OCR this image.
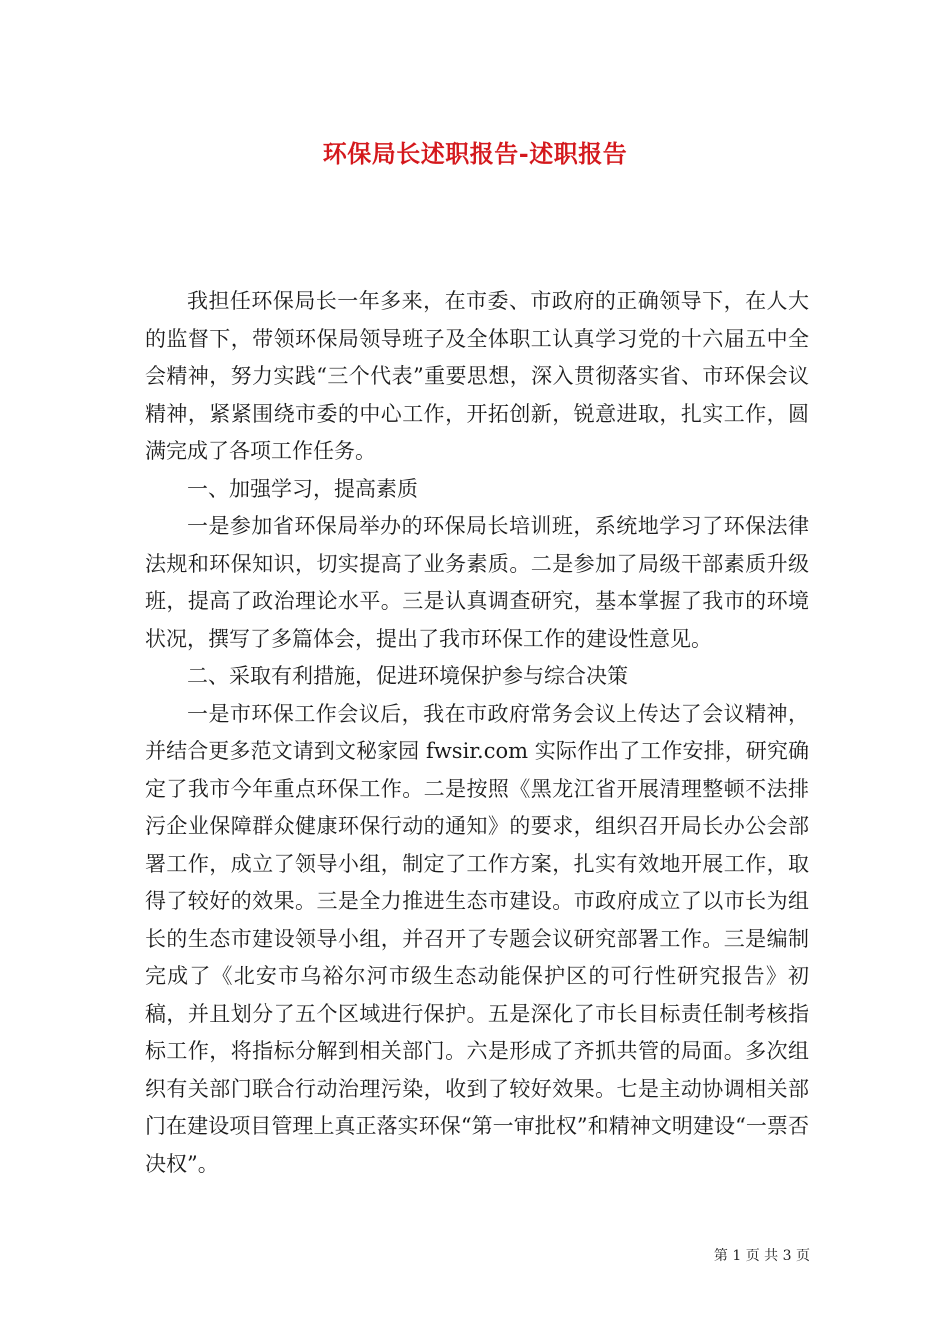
环保局长述职报告-述职报告

我担任环保局长一年多来，在市委、市政府的正确领导下，在人大的监督下，带领环保局领导班子及全体职工认真学习党的十六届五中全会精神，努力实践“三个代表”重要思想，深入贯彻落实省、市环保会议精神，紧紧围绕市委的中心工作，开拓创新，锐意进取，扎实工作，圆满完成了各项工作任务。

一、加强学习，提高素质

一是参加省环保局举办的环保局长培训班，系统地学习了环保法律法规和环保知识，切实提高了业务素质。二是参加了局级干部素质升级班，提高了政治理论水平。三是认真调查研究，基本掌握了我市的环境状况，撰写了多篇体会，提出了我市环保工作的建设性意见。

二、采取有利措施，促进环境保护参与综合决策

一是市环保工作会议后，我在市政府常务会议上传达了会议精神，并结合更多范文请到文秘家园 fwsir.com 实际作出了工作安排，研究确定了我市今年重点环保工作。二是按照《黑龙江省开展清理整顿不法排污企业保障群众健康环保行动的通知》的要求，组织召开局长办公会部署工作，成立了领导小组，制定了工作方案，扎实有效地开展工作，取得了较好的效果。三是全力推进生态市建设。市政府成立了以市长为组长的生态市建设领导小组，并召开了专题会议研究部署工作。三是编制完成了《北安市乌裕尔河市级生态动能保护区的可行性研究报告》初稿，并且划分了五个区域进行保护。五是深化了市长目标责任制考核指标工作，将指标分解到相关部门。六是形成了齐抓共管的局面。多次组织有关部门联合行动治理污染，收到了较好效果。七是主动协调相关部门在建设项目管理上真正落实环保“第一审批权”和精神文明建设“一票否决权”。

第 1 页 共 3 页
